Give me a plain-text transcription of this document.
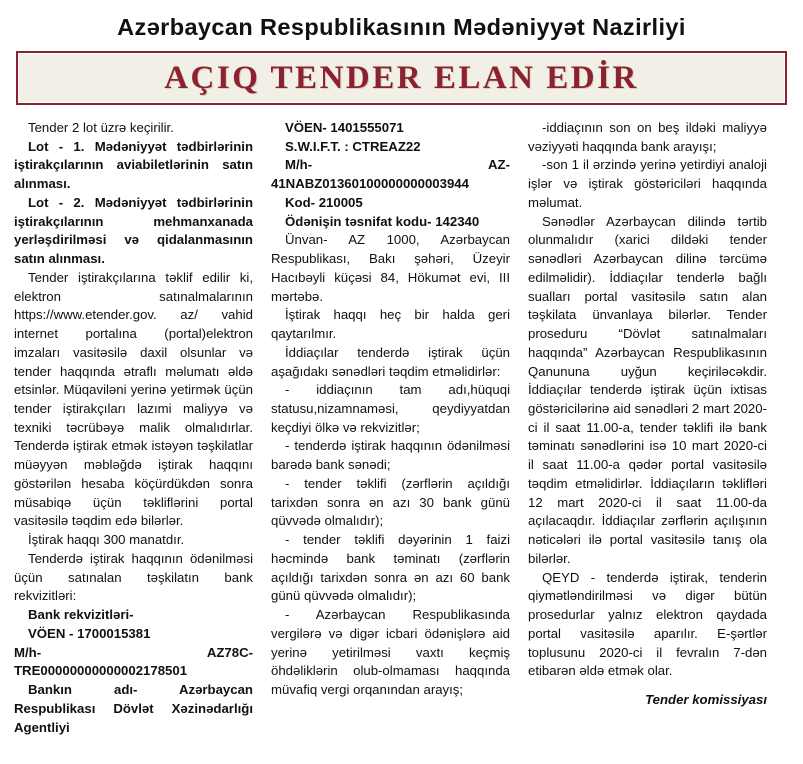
Azərbaycan Respublikasının Mədəniyyət Nazirliyi
AÇIQ TENDER ELAN EDİR

Tender 2 lot üzrə keçirilir.

Lot - 1. Mədəniyyət tədbirlərinin iştirakçılarının aviabiletlərinin satın alınması.

Lot - 2. Mədəniyyət tədbirlərinin iştirakçılarının mehmanxanada yerləşdirilməsi və qidalanmasının satın alınması.

Tender iştirakçılarına təklif edilir ki, elektron satınalmalarının https://www.etender.gov. az/ vahid internet portalına (portal)elektron imzaları vasitəsilə daxil olsunlar və tender haqqında ətraflı məlumatı əldə etsinlər. Müqaviləni yerinə yetirmək üçün tender iştirakçıları lazımi maliyyə və texniki təcrübəyə malik olmalıdırlar. Tenderdə iştirak etmək istəyən təşkilatlar müəyyən məbləğdə iştirak haqqını göstərilən hesaba köçürdükdən sonra müsabiqə üçün təkliflərini portal vasitəsilə təqdim edə bilərlər.

İştirak haqqı 300 manatdır.

Tenderdə iştirak haqqının ödənilməsi üçün satınalan təşkilatın bank rekvizitləri:

Bank rekvizitləri-

VÖEN - 1700015381

M/h- AZ78C-TRE00000000000002178501

Bankın adı- Azərbaycan Respublikası Dövlət Xəzinədarlığı Agentliyi

VÖEN- 1401555071

S.W.I.F.T. : CTREAZ22

M/h- AZ-41NABZ01360100000000003944

Kod- 210005

Ödənişin təsnifat kodu- 142340

Ünvan- AZ 1000, Azərbaycan Respublikası, Bakı şəhəri, Üzeyir Hacıbəyli küçəsi 84, Hökumət evi, III mərtəbə.

İştirak haqqı heç bir halda geri qaytarılmır.

İddiaçılar tenderdə iştirak üçün aşağıdakı sənədləri təqdim etməlidirlər:

- iddiaçının tam adı,hüquqi statusu,nizamnaməsi, qeydiyyatdan keçdiyi ölkə və rekvizitlər;

- tenderdə iştirak haqqının ödənilməsi barədə bank sənədi;

- tender təklifi (zərflərin açıldığı tarixdən sonra ən azı 30 bank günü qüvvədə olmalıdır);

- tender təklifi dəyərinin 1 faizi həcmində bank təminatı (zərflərin açıldığı tarixdən sonra ən azı 60 bank günü qüvvədə olmalıdır);

- Azərbaycan Respublikasında vergilərə və digər icbari ödənişlərə aid yerinə yetirilməsi vaxtı keçmiş öhdəliklərin olub-olmaması haqqında müvafiq vergi orqanından arayış;

-iddiaçının son on beş ildəki maliyyə vəziyyəti haqqında bank arayışı;

-son 1 il ərzində yerinə yetirdiyi analoji işlər və iştirak göstəriciləri haqqında məlumat.

Sənədlər Azərbaycan dilində tərtib olunmalıdır (xarici dildəki tender sənədləri Azərbaycan dilinə tərcümə edilməlidir). İddiaçılar tenderlə bağlı sualları portal vasitəsilə satın alan təşkilata ünvanlaya bilərlər. Tender proseduru “Dövlət satınalmaları haqqında” Azərbaycan Respublikasının Qanununa uyğun keçiriləcəkdir. İddiaçılar tenderdə iştirak üçün ixtisas göstəricilərinə aid sənədləri 2 mart 2020-ci il saat 11.00-a, tender təklifi ilə bank təminatı sənədlərini isə 10 mart 2020-ci il saat 11.00-a qədər portal vasitəsilə təqdim etməlidirlər. İddiaçıların təklifləri 12 mart 2020-ci il saat 11.00-da açılacaqdır. İddiaçılar zərflərin açılışının nəticələri ilə portal vasitəsilə tanış ola bilərlər.

QEYD - tenderdə iştirak, tenderin qiymətləndirilməsi və digər bütün prosedurlar yalnız elektron qaydada portal vasitəsilə aparılır. E-şərtlər toplusunu 2020-ci il fevralın 7-dən etibarən əldə etmək olar.

Tender komissiyası
